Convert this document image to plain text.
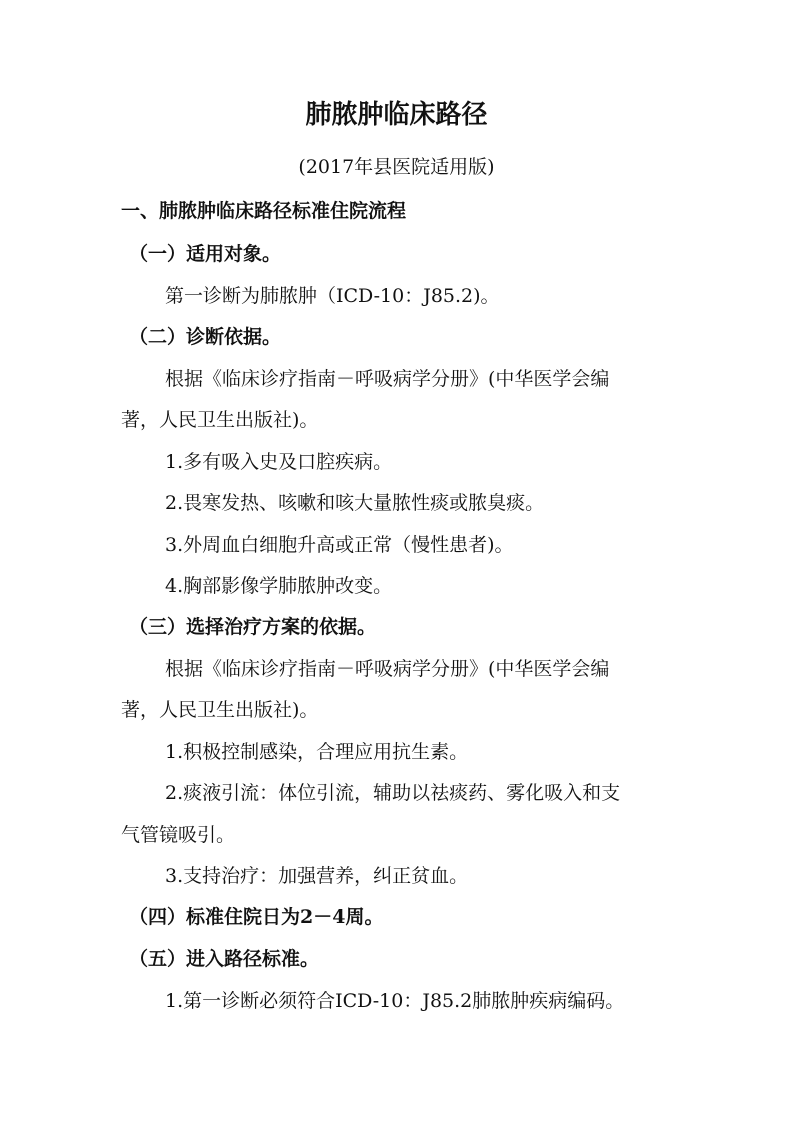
肺脓肿临床路径
(2017年县医院适用版)
一、肺脓肿临床路径标准住院流程
（一）适用对象。
第一诊断为肺脓肿（ICD-10：J85.2)。
（二）诊断依据。
根据《临床诊疗指南－呼吸病学分册》(中华医学会编
著，人民卫生出版社)。
1.多有吸入史及口腔疾病。
2.畏寒发热、咳嗽和咳大量脓性痰或脓臭痰。
3.外周血白细胞升高或正常（慢性患者)。
4.胸部影像学肺脓肿改变。
（三）选择治疗方案的依据。
根据《临床诊疗指南－呼吸病学分册》(中华医学会编
著，人民卫生出版社)。
1.积极控制感染，合理应用抗生素。
2.痰液引流：体位引流，辅助以祛痰药、雾化吸入和支
气管镜吸引。
3.支持治疗：加强营养，纠正贫血。
（四）标准住院日为2－4周。
（五）进入路径标准。
1.第一诊断必须符合ICD-10：J85.2肺脓肿疾病编码。
